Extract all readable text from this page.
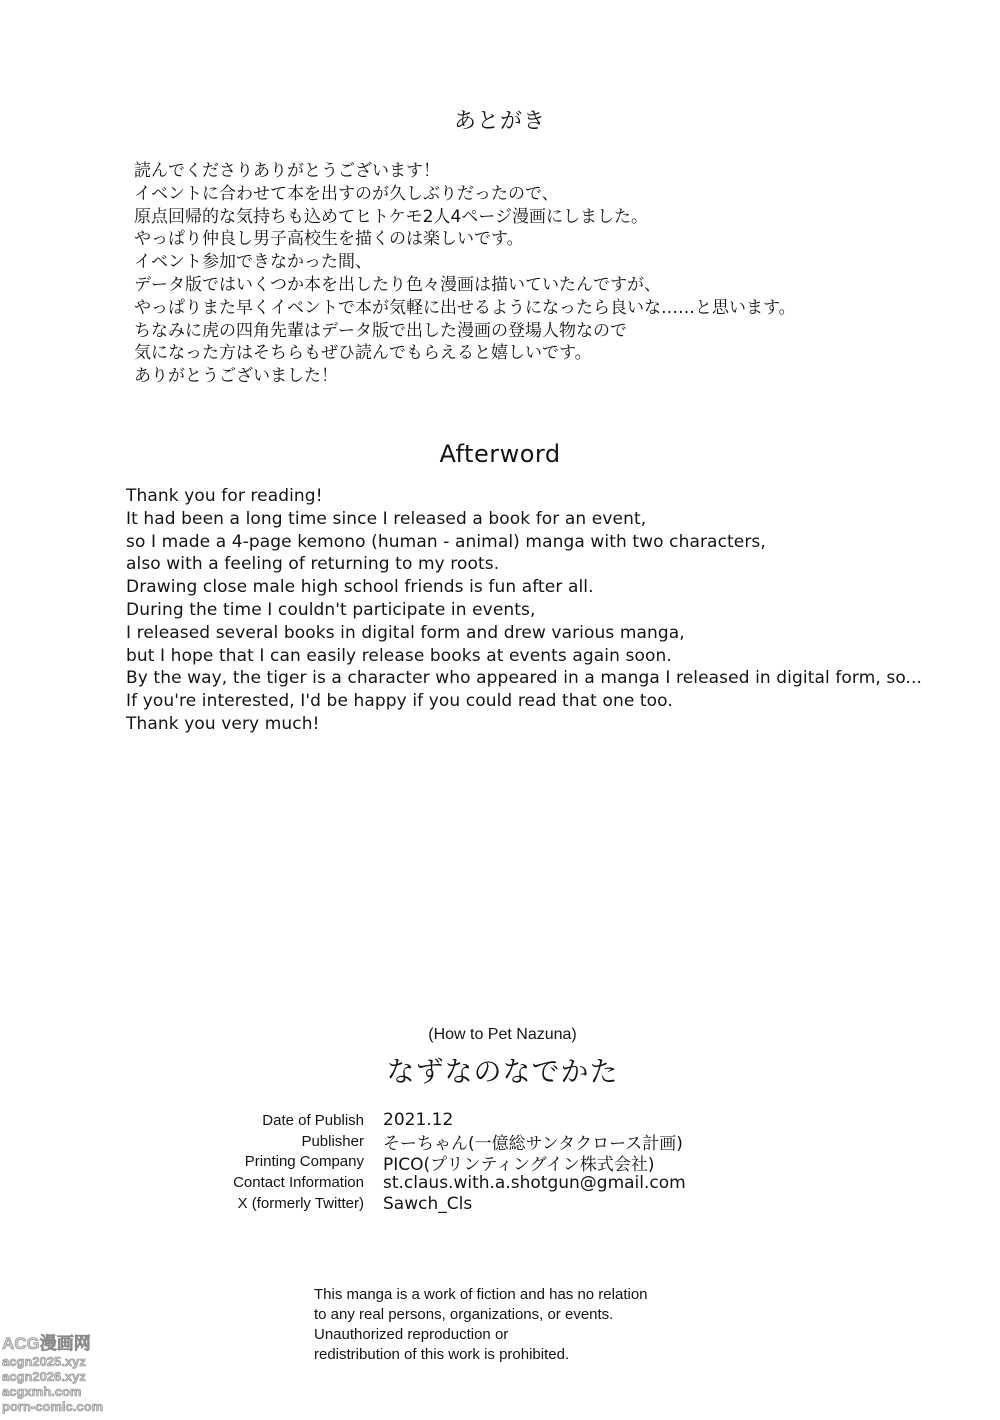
あとがき
読んでくださりありがとうございます！
イベントに合わせて本を出すのが久しぶりだったので、
原点回帰的な気持ちも込めてヒトケモ2人4ページ漫画にしました。
やっぱり仲良し男子高校生を描くのは楽しいです。
イベント参加できなかった間、
データ版ではいくつか本を出したり色々漫画は描いていたんですが、
やっぱりまた早くイベントで本が気軽に出せるようになったら良いな……と思います。
ちなみに虎の四角先輩はデータ版で出した漫画の登場人物なので
気になった方はそちらもぜひ読んでもらえると嬉しいです。
ありがとうございました！
Afterword
Thank you for reading!
It had been a long time since I released a book for an event,
so I made a 4-page kemono (human - animal) manga with two characters,
also with a feeling of returning to my roots.
Drawing close male high school friends is fun after all.
During the time I couldn't participate in events,
I released several books in digital form and drew various manga,
but I hope that I can easily release books at events again soon.
By the way, the tiger is a character who appeared in a manga I released in digital form, so...
If you're interested, I'd be happy if you could read that one too.
Thank you very much!
(How to Pet Nazuna)
なずなのなでかた
Date of Publish	2021.12
Publisher	そーちゃん(一億総サンタクロース計画)
Printing Company	PICO(プリンティングイン株式会社)
Contact Information	st.claus.with.a.shotgun@gmail.com
X (formerly Twitter)	Sawch_Cls
This manga is a work of fiction and has no relation
to any real persons, organizations, or events.
Unauthorized reproduction or
redistribution of this work is prohibited.
ACG漫画网
acgn2025.xyz
acgn2026.xyz
acgxmh.com
porn-comic.com
